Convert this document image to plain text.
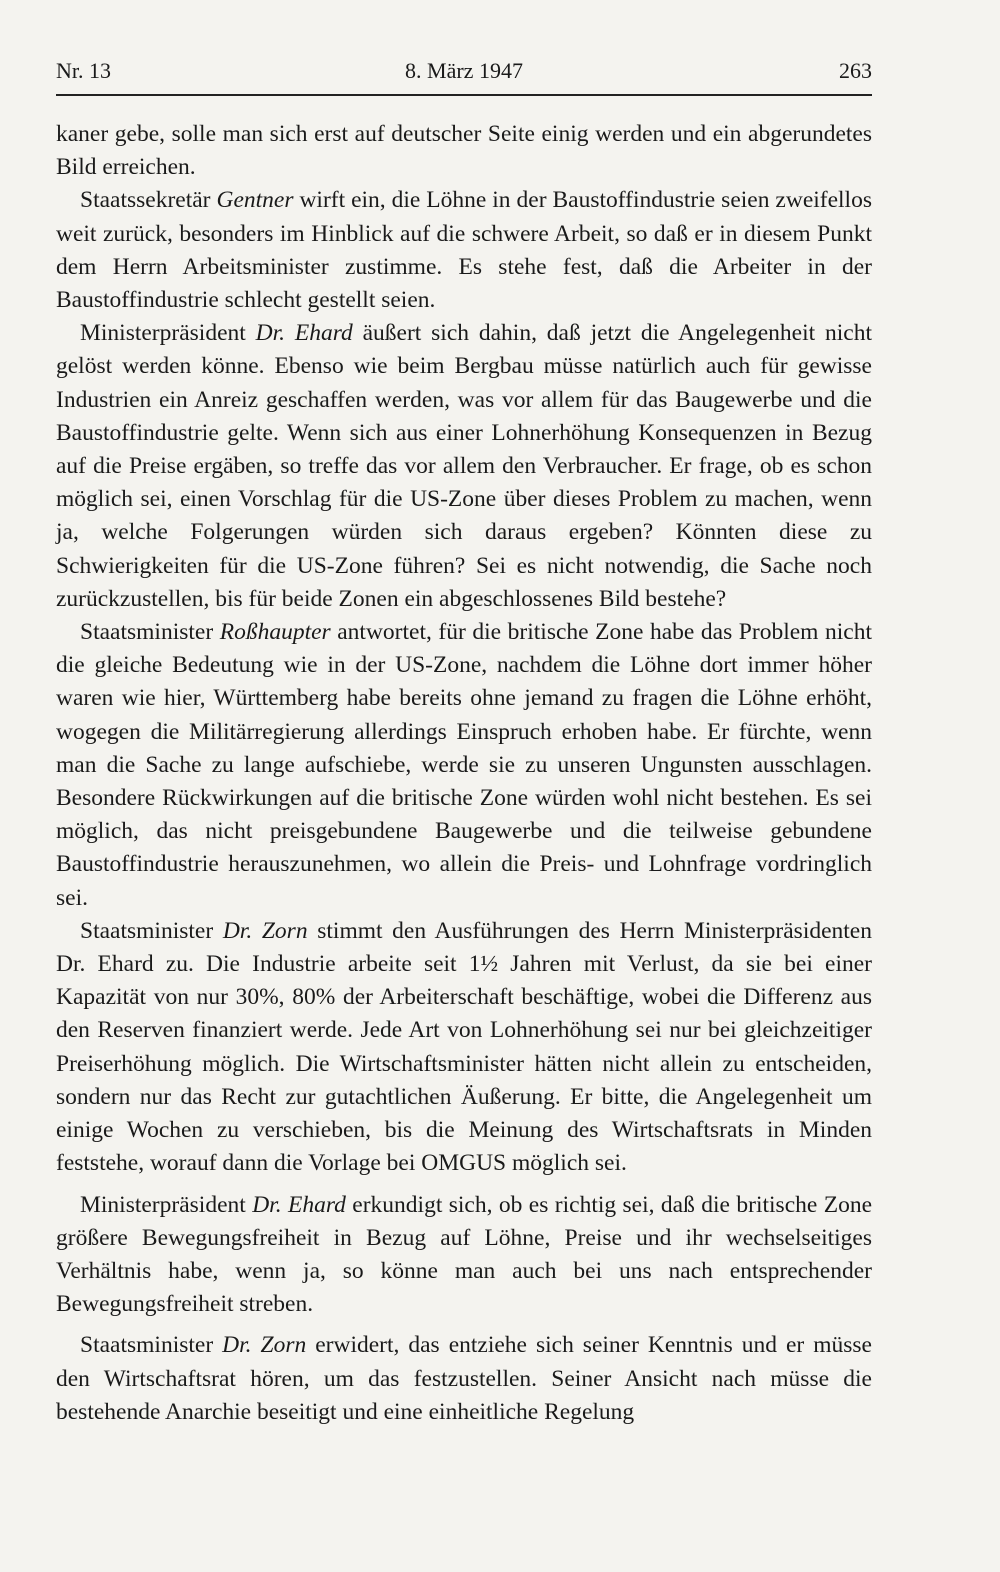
Nr. 13	8. März 1947	263

kaner gebe, solle man sich erst auf deutscher Seite einig werden und ein abgerundetes Bild erreichen.

Staatssekretär Gentner wirft ein, die Löhne in der Baustoffindustrie seien zweifellos weit zurück, besonders im Hinblick auf die schwere Arbeit, so daß er in diesem Punkt dem Herrn Arbeitsminister zustimme. Es stehe fest, daß die Arbeiter in der Baustoffindustrie schlecht gestellt seien.

Ministerpräsident Dr. Ehard äußert sich dahin, daß jetzt die Angelegenheit nicht gelöst werden könne. Ebenso wie beim Bergbau müsse natürlich auch für gewisse Industrien ein Anreiz geschaffen werden, was vor allem für das Baugewerbe und die Baustoffindustrie gelte. Wenn sich aus einer Lohnerhöhung Konsequenzen in Bezug auf die Preise ergäben, so treffe das vor allem den Verbraucher. Er frage, ob es schon möglich sei, einen Vorschlag für die US-Zone über dieses Problem zu machen, wenn ja, welche Folgerungen würden sich daraus ergeben? Könnten diese zu Schwierigkeiten für die US-Zone führen? Sei es nicht notwendig, die Sache noch zurückzustellen, bis für beide Zonen ein abgeschlossenes Bild bestehe?

Staatsminister Roßhaupter antwortet, für die britische Zone habe das Problem nicht die gleiche Bedeutung wie in der US-Zone, nachdem die Löhne dort immer höher waren wie hier, Württemberg habe bereits ohne jemand zu fragen die Löhne erhöht, wogegen die Militärregierung allerdings Einspruch erhoben habe. Er fürchte, wenn man die Sache zu lange aufschiebe, werde sie zu unseren Ungunsten ausschlagen. Besondere Rückwirkungen auf die britische Zone würden wohl nicht bestehen. Es sei möglich, das nicht preisgebundene Baugewerbe und die teilweise gebundene Baustoffindustrie herauszunehmen, wo allein die Preis- und Lohnfrage vordringlich sei.

Staatsminister Dr. Zorn stimmt den Ausführungen des Herrn Ministerpräsidenten Dr. Ehard zu. Die Industrie arbeite seit 1½ Jahren mit Verlust, da sie bei einer Kapazität von nur 30%, 80% der Arbeiterschaft beschäftige, wobei die Differenz aus den Reserven finanziert werde. Jede Art von Lohnerhöhung sei nur bei gleichzeitiger Preiserhöhung möglich. Die Wirtschaftsminister hätten nicht allein zu entscheiden, sondern nur das Recht zur gutachtlichen Äußerung. Er bitte, die Angelegenheit um einige Wochen zu verschieben, bis die Meinung des Wirtschaftsrats in Minden feststehe, worauf dann die Vorlage bei OMGUS möglich sei.

Ministerpräsident Dr. Ehard erkundigt sich, ob es richtig sei, daß die britische Zone größere Bewegungsfreiheit in Bezug auf Löhne, Preise und ihr wechselseitiges Verhältnis habe, wenn ja, so könne man auch bei uns nach entsprechender Bewegungsfreiheit streben.

Staatsminister Dr. Zorn erwidert, das entziehe sich seiner Kenntnis und er müsse den Wirtschaftsrat hören, um das festzustellen. Seiner Ansicht nach müsse die bestehende Anarchie beseitigt und eine einheitliche Regelung
